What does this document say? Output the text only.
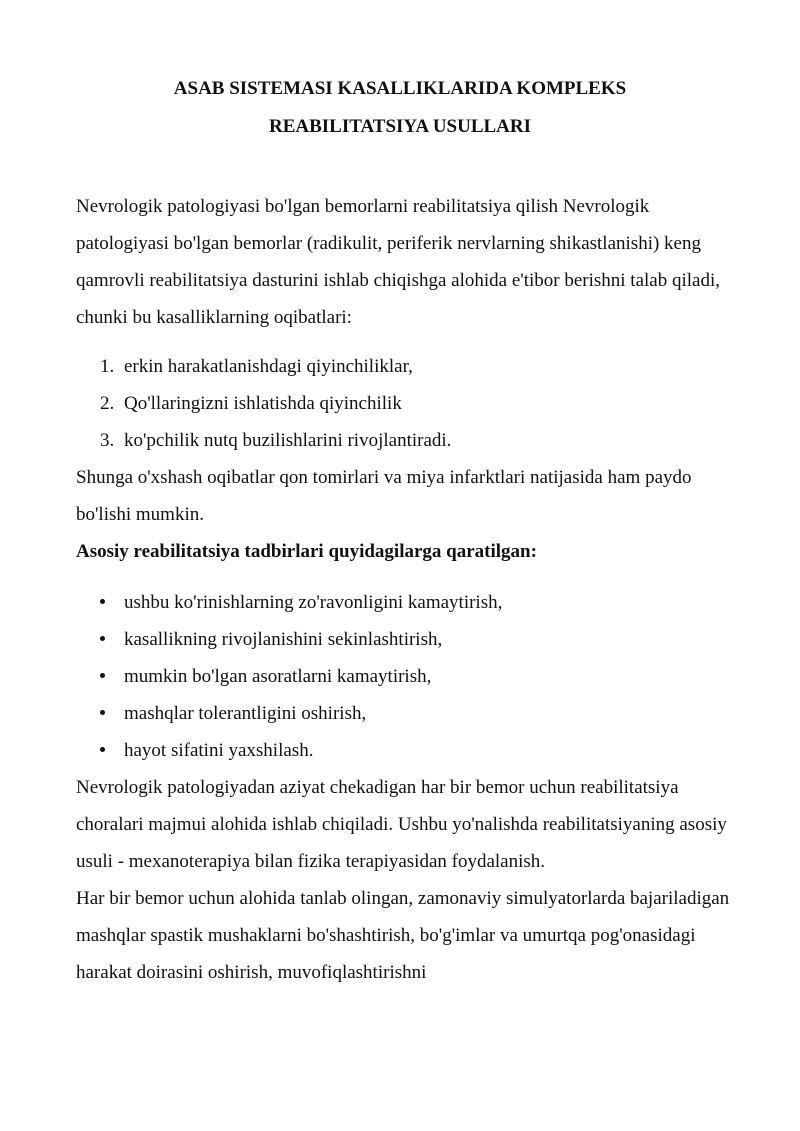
ASAB SISTEMASI KASALLIKLARIDA KOMPLEKS
REABILITATSIYA USULLARI

Nevrologik patologiyasi bo'lgan bemorlarni reabilitatsiya qilish Nevrologik patologiyasi bo'lgan bemorlar (radikulit, periferik nervlarning shikastlanishi) keng qamrovli reabilitatsiya dasturini ishlab chiqishga alohida e'tibor berishni talab qiladi, chunki bu kasalliklarning oqibatlari:

1. erkin harakatlanishdagi qiyinchiliklar,
2. Qo'llaringizni ishlatishda qiyinchilik
3. ko'pchilik nutq buzilishlarini rivojlantiradi.

Shunga o'xshash oqibatlar qon tomirlari va miya infarktlari natijasida ham paydo bo'lishi mumkin.

Asosiy reabilitatsiya tadbirlari quyidagilarga qaratilgan:

ushbu ko'rinishlarning zo'ravonligini kamaytirish,
kasallikning rivojlanishini sekinlashtirish,
mumkin bo'lgan asoratlarni kamaytirish,
mashqlar tolerantligini oshirish,
hayot sifatini yaxshilash.

Nevrologik patologiyadan aziyat chekadigan har bir bemor uchun reabilitatsiya choralari majmui alohida ishlab chiqiladi. Ushbu yo'nalishda reabilitatsiyaning asosiy usuli - mexanoterapiya bilan fizika terapiyasidan foydalanish.

Har bir bemor uchun alohida tanlab olingan, zamonaviy simulyatorlarda bajariladigan mashqlar spastik mushaklarni bo'shashtirish, bo'g'imlar va umurtqa pog'onasidagi harakat doirasini oshirish, muvofiqlashtirishni
